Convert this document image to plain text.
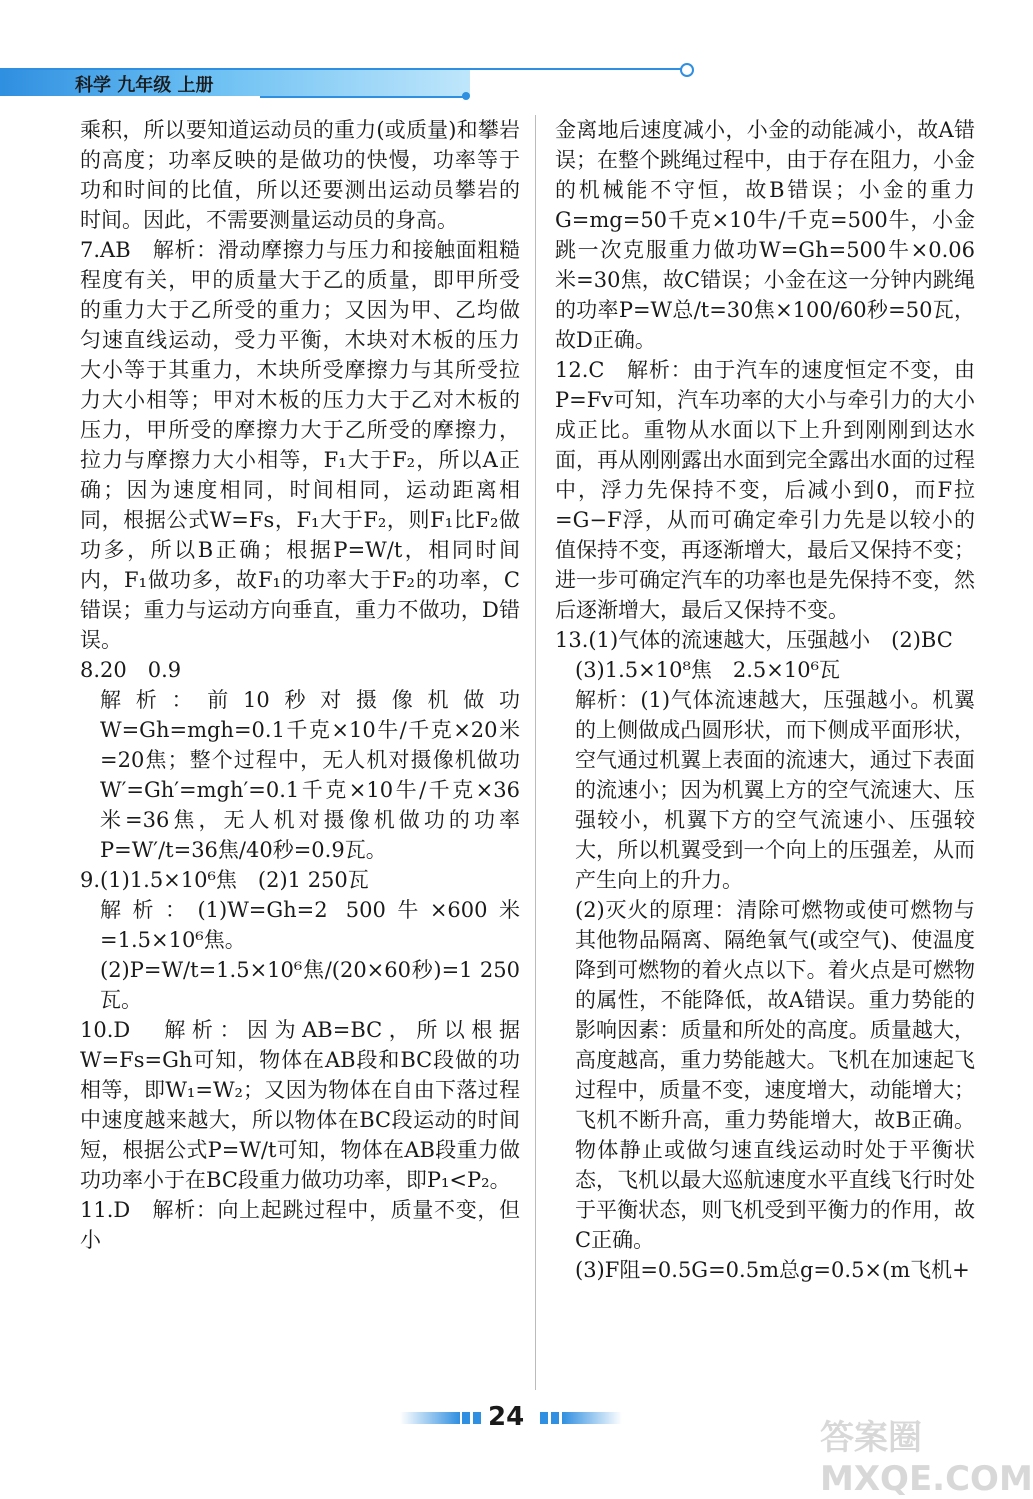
科学 九年级 上册

乘积，所以要知道运动员的重力(或质量)和攀岩的高度；功率反映的是做功的快慢，功率等于功和时间的比值，所以还要测出运动员攀岩的时间。因此，不需要测量运动员的身高。

7.AB　解析：滑动摩擦力与压力和接触面粗糙程度有关，甲的质量大于乙的质量，即甲所受的重力大于乙所受的重力；又因为甲、乙均做匀速直线运动，受力平衡，木块对木板的压力大小等于其重力，木块所受摩擦力与其所受拉力大小相等；甲对木板的压力大于乙对木板的压力，甲所受的摩擦力大于乙所受的摩擦力，拉力与摩擦力大小相等，F₁大于F₂，所以A正确；因为速度相同，时间相同，运动距离相同，根据公式W=Fs，F₁大于F₂，则F₁比F₂做功多，所以B正确；根据P=W/t，相同时间内，F₁做功多，故F₁的功率大于F₂的功率，C错误；重力与运动方向垂直，重力不做功，D错误。

8.20　0.9

解析：前10秒对摄像机做功W=Gh=mgh=0.1千克×10牛/千克×20米=20焦；整个过程中，无人机对摄像机做功W′=Gh′=mgh′=0.1千克×10牛/千克×36米=36焦，无人机对摄像机做功的功率P=W′/t=36焦/40秒=0.9瓦。

9.(1)1.5×10⁶焦　(2)1 250瓦

解析：(1)W=Gh=2 500牛×600米=1.5×10⁶焦。

(2)P=W/t=1.5×10⁶焦/(20×60秒)=1 250瓦。

10.D　解析：因为AB=BC，所以根据W=Fs=Gh可知，物体在AB段和BC段做的功相等，即W₁=W₂；又因为物体在自由下落过程中速度越来越大，所以物体在BC段运动的时间短，根据公式P=W/t可知，物体在AB段重力做功功率小于在BC段重力做功功率，即P₁<P₂。

11.D　解析：向上起跳过程中，质量不变，但小

金离地后速度减小，小金的动能减小，故A错误；在整个跳绳过程中，由于存在阻力，小金的机械能不守恒，故B错误；小金的重力G=mg=50千克×10牛/千克=500牛，小金跳一次克服重力做功W=Gh=500牛×0.06米=30焦，故C错误；小金在这一分钟内跳绳的功率P=W总/t=30焦×100/60秒=50瓦，故D正确。

12.C　解析：由于汽车的速度恒定不变，由P=Fv可知，汽车功率的大小与牵引力的大小成正比。重物从水面以下上升到刚刚到达水面，再从刚刚露出水面到完全露出水面的过程中，浮力先保持不变，后减小到0，而F拉=G−F浮，从而可确定牵引力先是以较小的值保持不变，再逐渐增大，最后又保持不变；进一步可确定汽车的功率也是先保持不变，然后逐渐增大，最后又保持不变。

13.(1)气体的流速越大，压强越小　(2)BC

(3)1.5×10⁸焦　2.5×10⁶瓦

解析：(1)气体流速越大，压强越小。机翼的上侧做成凸圆形状，而下侧成平面形状，空气通过机翼上表面的流速大，通过下表面的流速小；因为机翼上方的空气流速大、压强较小，机翼下方的空气流速小、压强较大，所以机翼受到一个向上的压强差，从而产生向上的升力。

(2)灭火的原理：清除可燃物或使可燃物与其他物品隔离、隔绝氧气(或空气)、使温度降到可燃物的着火点以下。着火点是可燃物的属性，不能降低，故A错误。重力势能的影响因素：质量和所处的高度。质量越大，高度越高，重力势能越大。飞机在加速起飞过程中，质量不变，速度增大，动能增大；飞机不断升高，重力势能增大，故B正确。物体静止或做匀速直线运动时处于平衡状态，飞机以最大巡航速度水平直线飞行时处于平衡状态，则飞机受到平衡力的作用，故C正确。

(3)F阻=0.5G=0.5m总g=0.5×(m飞机+

24
答案圈 MXQE.COM
